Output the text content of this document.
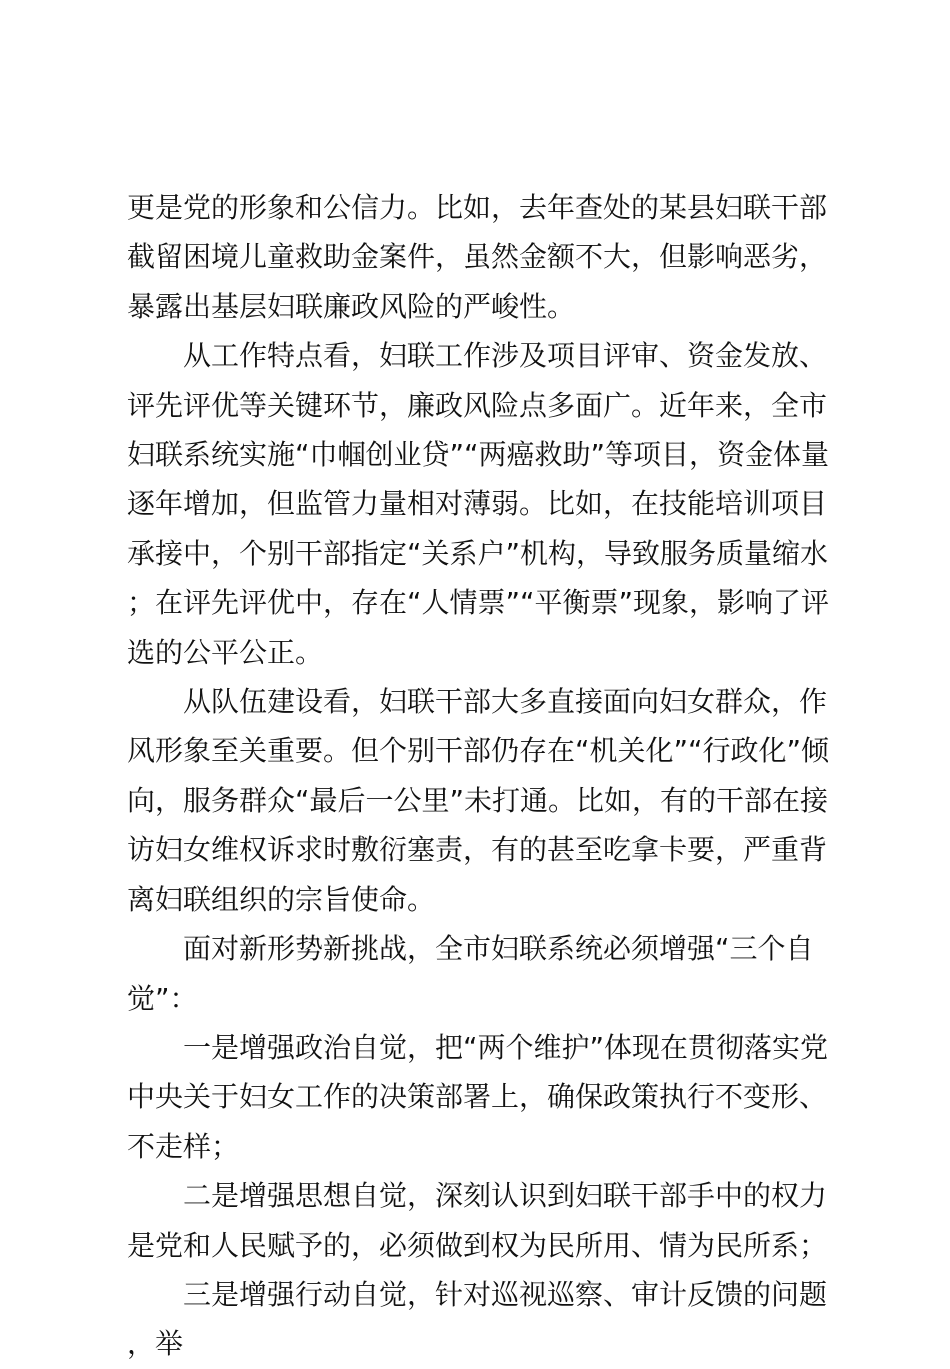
更是党的形象和公信力。比如，去年查处的某县妇联干部截留困境儿童救助金案件，虽然金额不大，但影响恶劣，暴露出基层妇联廉政风险的严峻性。

从工作特点看，妇联工作涉及项目评审、资金发放、评先评优等关键环节，廉政风险点多面广。近年来，全市妇联系统实施“巾帼创业贷”“两癌救助”等项目，资金体量逐年增加，但监管力量相对薄弱。比如，在技能培训项目承接中，个别干部指定“关系户”机构，导致服务质量缩水；在评先评优中，存在“人情票”“平衡票”现象，影响了评选的公平公正。

从队伍建设看，妇联干部大多直接面向妇女群众，作风形象至关重要。但个别干部仍存在“机关化”“行政化”倾向，服务群众“最后一公里”未打通。比如，有的干部在接访妇女维权诉求时敷衍塞责，有的甚至吃拿卡要，严重背离妇联组织的宗旨使命。

面对新形势新挑战，全市妇联系统必须增强“三个自觉”：

一是增强政治自觉，把“两个维护”体现在贯彻落实党中央关于妇女工作的决策部署上，确保政策执行不变形、不走样；

二是增强思想自觉，深刻认识到妇联干部手中的权力是党和人民赋予的，必须做到权为民所用、情为民所系；

三是增强行动自觉，针对巡视巡察、审计反馈的问题，举
